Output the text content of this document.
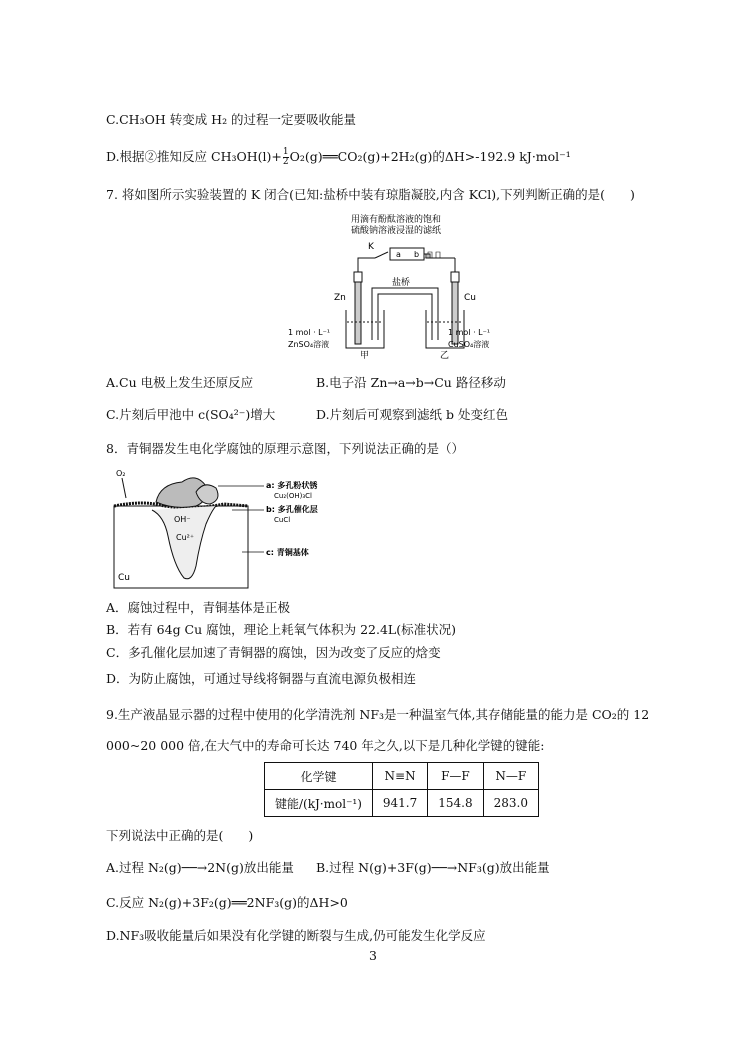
C.CH₃OH 转变成 H₂ 的过程一定要吸收能量
D.根据②推知反应 $CH_3OH(l)+ \frac{1}{2}$ O₂(g)══CO₂(g)+2H₂(g)的ΔH>-192.9 kJ·mol⁻¹
7. 将如图所示实验装置的 K 闭合(已知:盐桥中装有琼脂凝胶,内含 KCl),下列判断正确的是(　　)
用滴有酚酞溶液的饱和
硫酸钠溶液浸湿的滤纸
K
a b
Zn	Cu
盐桥
1 mol · L⁻¹
ZnSO₄溶液
1 mol · L⁻¹
CuSO₄溶液
甲	乙
A.Cu 电极上发生还原反应	B.电子沿 Zn→a→b→Cu 路径移动
C.片刻后甲池中 c(SO₄²⁻)增大	D.片刻后可观察到滤纸 b 处变红色
8．青铜器发生电化学腐蚀的原理示意图，下列说法正确的是（）
O₂
OH⁻
Cu²⁺
Cu
a: 多孔粉状锈
Cu₂(OH)₃Cl
b: 多孔催化层
CuCl
c: 青铜基体
A．腐蚀过程中，青铜基体是正极
B．若有 64g Cu 腐蚀，理论上耗氧气体积为 22.4L(标准状况)
C．多孔催化层加速了青铜器的腐蚀，因为改变了反应的焓变
D．为防止腐蚀，可通过导线将铜器与直流电源负极相连
9.生产液晶显示器的过程中使用的化学清洗剂 NF₃是一种温室气体,其存储能量的能力是 CO₂的 12
000~20 000 倍,在大气中的寿命可长达 740 年之久,以下是几种化学键的键能:
化学键	N≡N	F—F	N—F
键能/(kJ·mol⁻¹)	941.7	154.8	283.0
下列说法中正确的是(　　)
A.过程 N₂(g)──→2N(g)放出能量 B.过程 N(g)+3F(g)──→NF₃(g)放出能量
C.反应 N₂(g)+3F₂(g)══2NF₃(g)的ΔH>0
D.NF₃吸收能量后如果没有化学键的断裂与生成,仍可能发生化学反应
3
